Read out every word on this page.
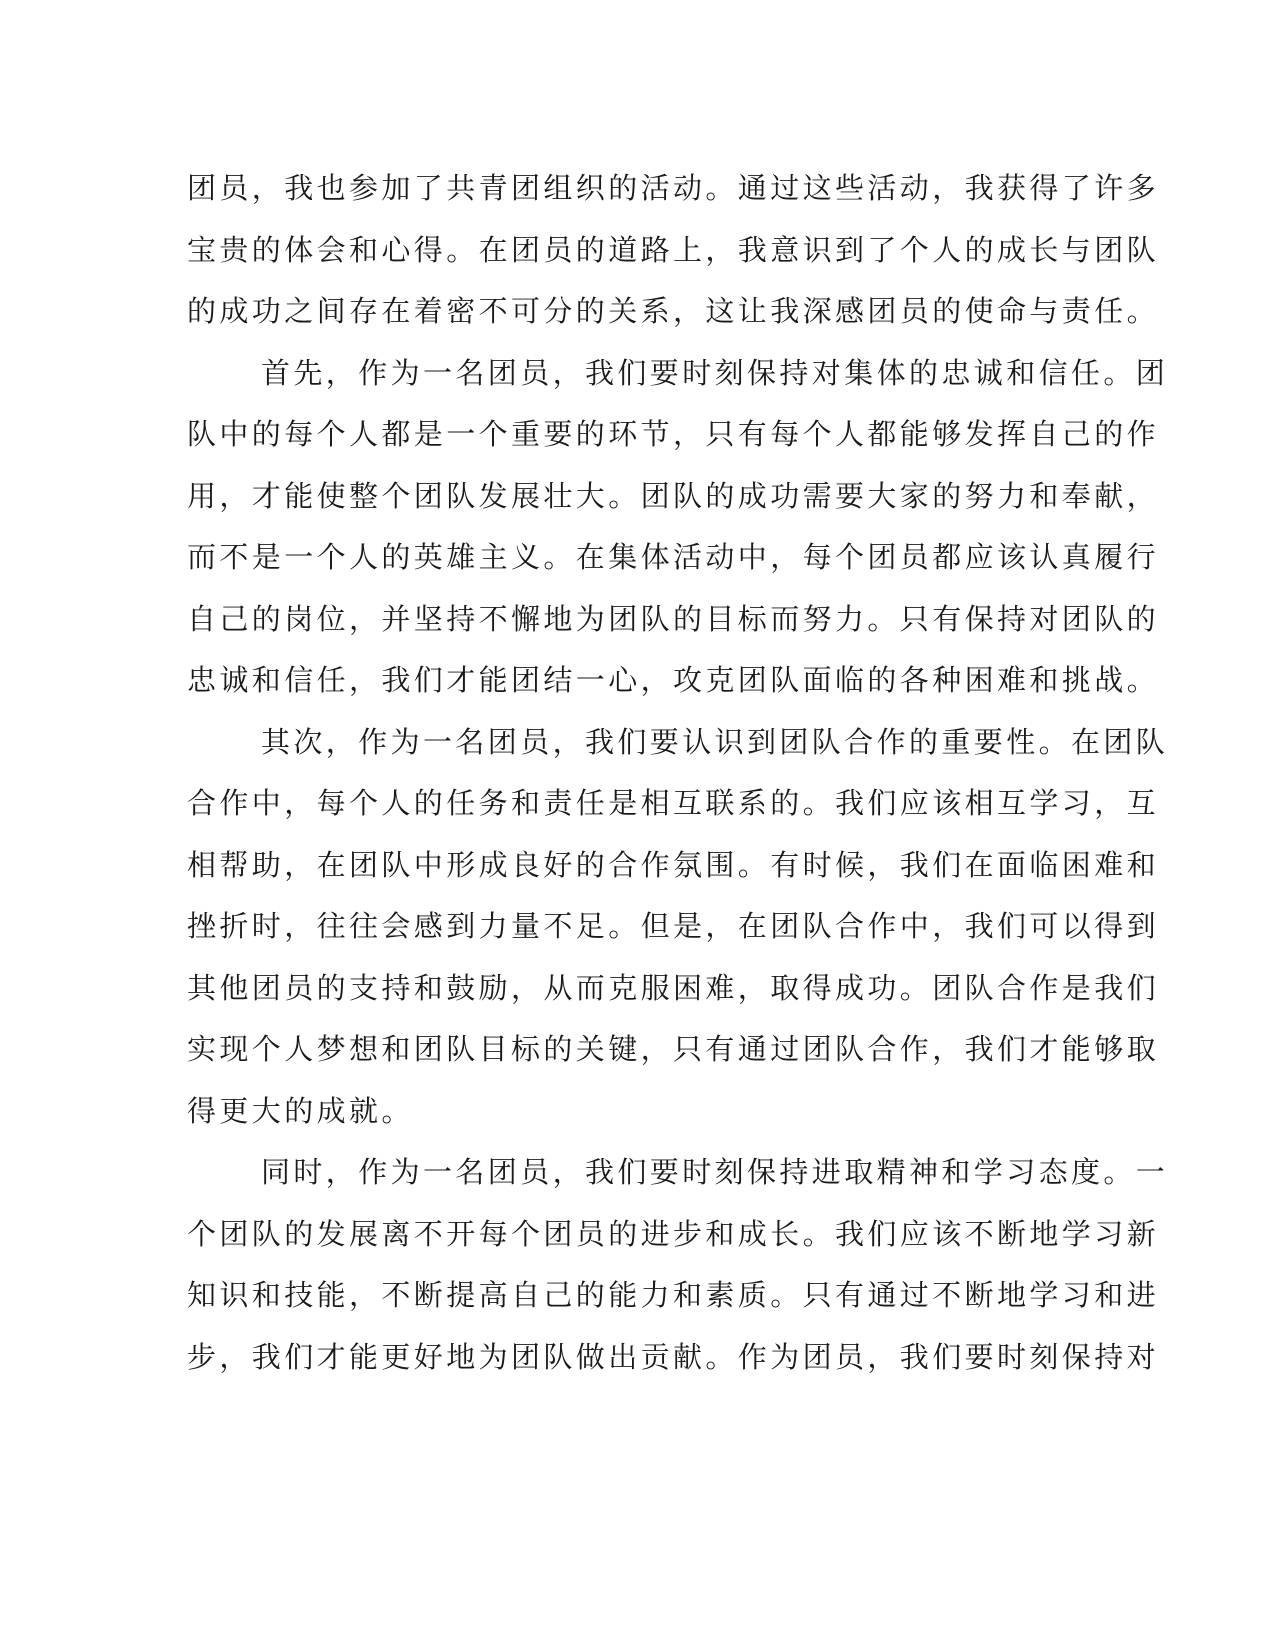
团员，我也参加了共青团组织的活动。通过这些活动，我获得了许多
宝贵的体会和心得。在团员的道路上，我意识到了个人的成长与团队
的成功之间存在着密不可分的关系，这让我深感团员的使命与责任。
首先，作为一名团员，我们要时刻保持对集体的忠诚和信任。团
队中的每个人都是一个重要的环节，只有每个人都能够发挥自己的作
用，才能使整个团队发展壮大。团队的成功需要大家的努力和奉献，
而不是一个人的英雄主义。在集体活动中，每个团员都应该认真履行
自己的岗位，并坚持不懈地为团队的目标而努力。只有保持对团队的
忠诚和信任，我们才能团结一心，攻克团队面临的各种困难和挑战。
其次，作为一名团员，我们要认识到团队合作的重要性。在团队
合作中，每个人的任务和责任是相互联系的。我们应该相互学习，互
相帮助，在团队中形成良好的合作氛围。有时候，我们在面临困难和
挫折时，往往会感到力量不足。但是，在团队合作中，我们可以得到
其他团员的支持和鼓励，从而克服困难，取得成功。团队合作是我们
实现个人梦想和团队目标的关键，只有通过团队合作，我们才能够取
得更大的成就。
同时，作为一名团员，我们要时刻保持进取精神和学习态度。一
个团队的发展离不开每个团员的进步和成长。我们应该不断地学习新
知识和技能，不断提高自己的能力和素质。只有通过不断地学习和进
步，我们才能更好地为团队做出贡献。作为团员，我们要时刻保持对
